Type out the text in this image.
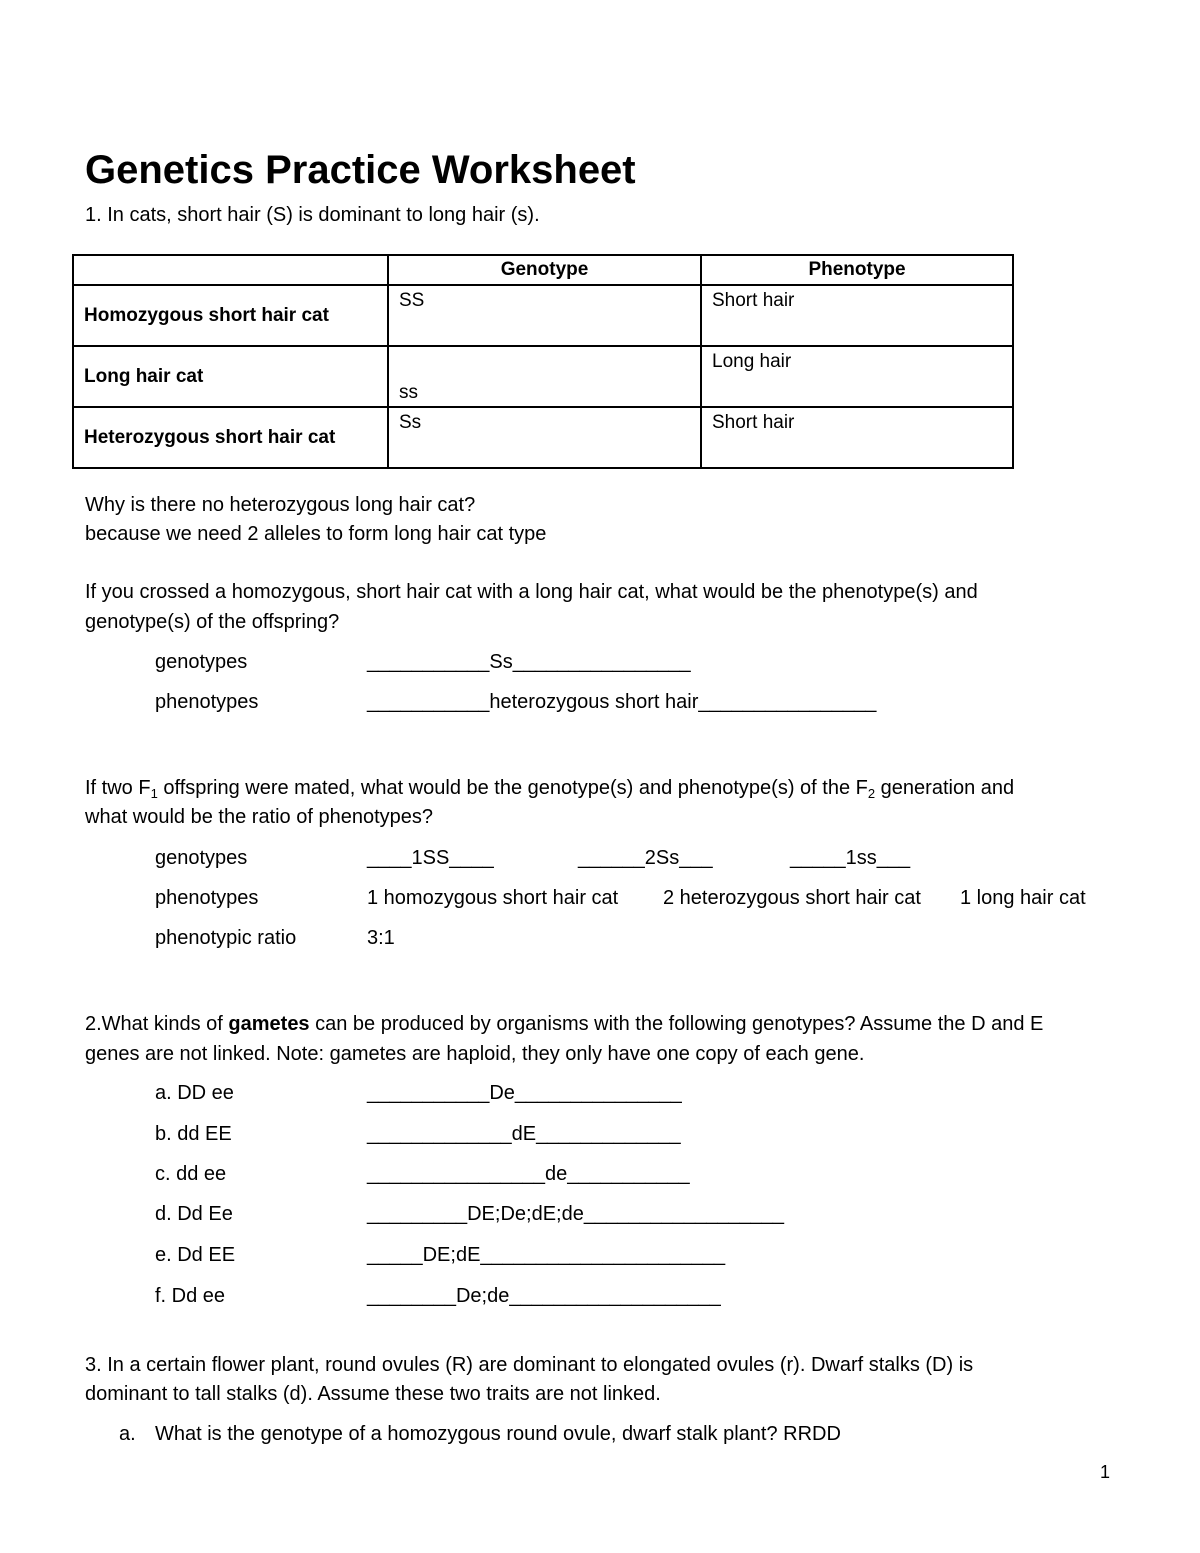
Genetics Practice Worksheet
1. In cats, short hair (S) is dominant to long hair (s).
	Genotype	Phenotype
Homozygous short hair cat	SS	Short hair
Long hair cat	ss	Long hair
Heterozygous short hair cat	Ss	Short hair
Why is there no heterozygous long hair cat?
because we need 2 alleles to form long hair cat type
If you crossed a homozygous, short hair cat with a long hair cat, what would be the phenotype(s) and
genotype(s) of the offspring?
genotypes	___________Ss________________
phenotypes	___________heterozygous short hair________________
If two $F_1$ offspring were mated, what would be the genotype(s) and phenotype(s) of the $F_2$ generation and
what would be the ratio of phenotypes?
genotypes	____1SS____	______2Ss___	_____1ss___
phenotypes	1 homozygous short hair cat 2 heterozygous short hair cat 1 long hair cat
phenotypic ratio	3:1
2.What kinds of gametes can be produced by organisms with the following genotypes? Assume the D and E
genes are not linked. Note: gametes are haploid, they only have one copy of each gene.
a. DD ee	___________De_______________
b. dd EE	_____________dE_____________
c. dd ee	________________de___________
d. Dd Ee	_________DE;De;dE;de__________________
e. Dd EE	_____DE;dE______________________
f. Dd ee	________De;de___________________
3. In a certain flower plant, round ovules (R) are dominant to elongated ovules (r). Dwarf stalks (D) is
dominant to tall stalks (d). Assume these two traits are not linked.
a. What is the genotype of a homozygous round ovule, dwarf stalk plant? RRDD
1
